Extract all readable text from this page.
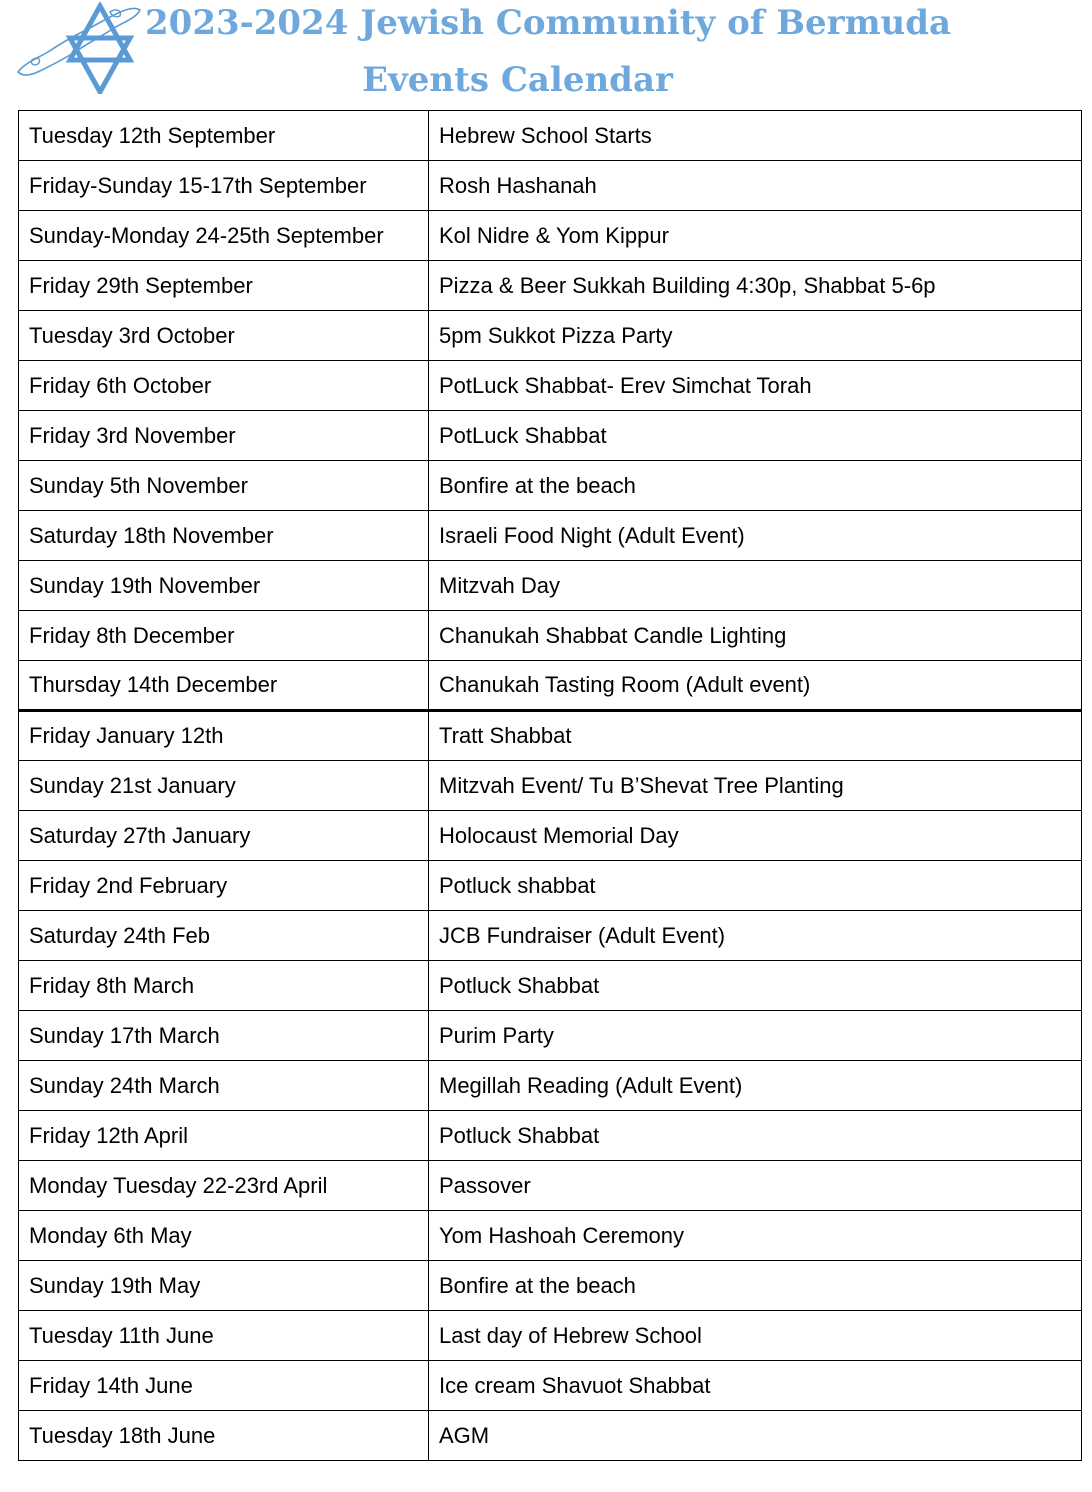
2023-2024 Jewish Community of Bermuda
Events Calendar
Tuesday 12th September	Hebrew School Starts
Friday-Sunday 15-17th September	Rosh Hashanah
Sunday-Monday 24-25th September	Kol Nidre & Yom Kippur
Friday 29th September	Pizza & Beer Sukkah Building 4:30p, Shabbat 5-6p
Tuesday 3rd October	5pm Sukkot Pizza Party
Friday 6th October	PotLuck Shabbat- Erev Simchat Torah
Friday 3rd November	PotLuck Shabbat
Sunday 5th November	Bonfire at the beach
Saturday 18th November	Israeli Food Night (Adult Event)
Sunday 19th November	Mitzvah Day
Friday 8th December	Chanukah Shabbat Candle Lighting
Thursday 14th December	Chanukah Tasting Room (Adult event)
Friday January 12th	Tratt Shabbat
Sunday 21st January	Mitzvah Event/ Tu B’Shevat Tree Planting
Saturday 27th January	Holocaust Memorial Day
Friday 2nd February	Potluck shabbat
Saturday 24th Feb	JCB Fundraiser (Adult Event)
Friday 8th March	Potluck Shabbat
Sunday 17th March	Purim Party
Sunday 24th March	Megillah Reading (Adult Event)
Friday 12th April	Potluck Shabbat
Monday Tuesday 22-23rd April	Passover
Monday 6th May	Yom Hashoah Ceremony
Sunday 19th May	Bonfire at the beach
Tuesday 11th June	Last day of Hebrew School
Friday 14th June	Ice cream Shavuot Shabbat
Tuesday 18th June	AGM
